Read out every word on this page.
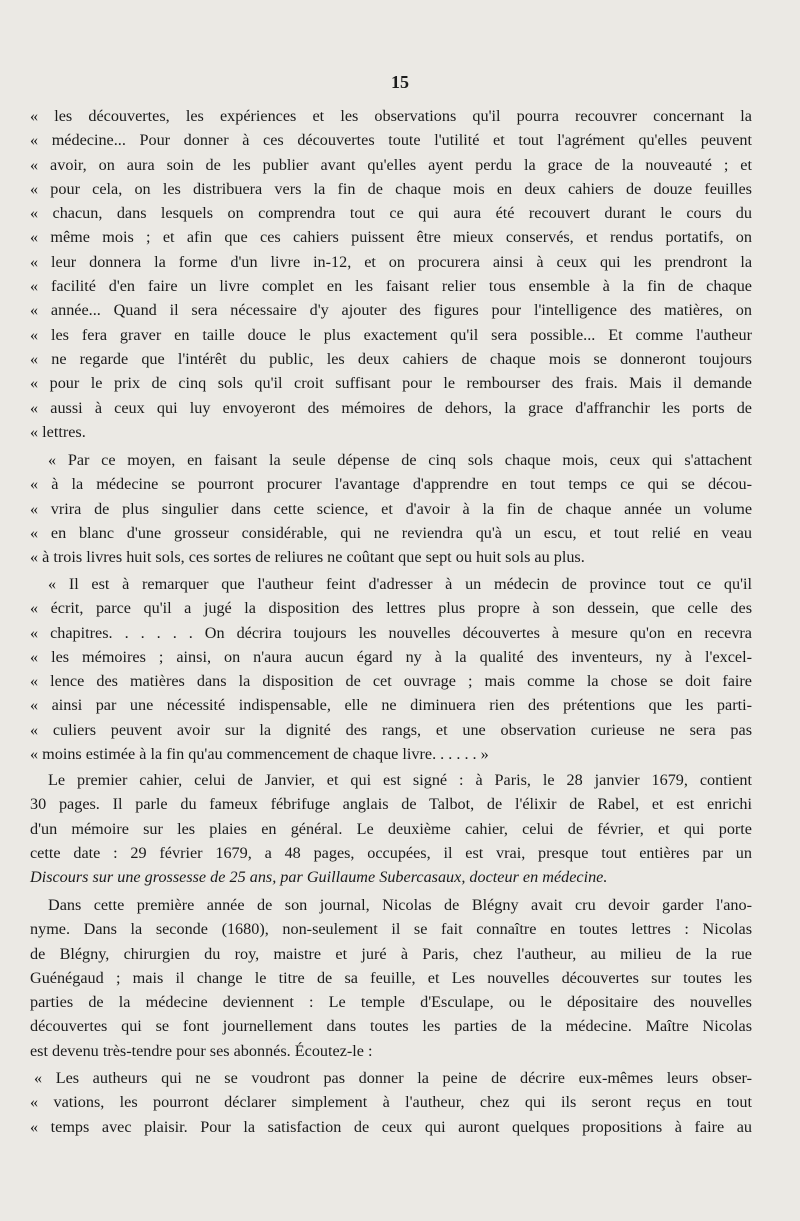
15
« les découvertes, les expériences et les observations qu'il pourra recouvrer concernant la
« médecine... Pour donner à ces découvertes toute l'utilité et tout l'agrément qu'elles peuvent
« avoir, on aura soin de les publier avant qu'elles ayent perdu la grace de la nouveauté ; et
« pour cela, on les distribuera vers la fin de chaque mois en deux cahiers de douze feuilles
« chacun, dans lesquels on comprendra tout ce qui aura été recouvert durant le cours du
« même mois ; et afin que ces cahiers puissent être mieux conservés, et rendus portatifs, on
« leur donnera la forme d'un livre in-12, et on procurera ainsi à ceux qui les prendront la
« facilité d'en faire un livre complet en les faisant relier tous ensemble à la fin de chaque
« année... Quand il sera nécessaire d'y ajouter des figures pour l'intelligence des matières, on
« les fera graver en taille douce le plus exactement qu'il sera possible... Et comme l'autheur
« ne regarde que l'intérêt du public, les deux cahiers de chaque mois se donneront toujours
« pour le prix de cinq sols qu'il croit suffisant pour le rembourser des frais. Mais il demande
« aussi à ceux qui luy envoyeront des mémoires de dehors, la grace d'affranchir les ports de
« lettres.
« Par ce moyen, en faisant la seule dépense de cinq sols chaque mois, ceux qui s'attachent
« à la médecine se pourront procurer l'avantage d'apprendre en tout temps ce qui se décou-
« vrira de plus singulier dans cette science, et d'avoir à la fin de chaque année un volume
« en blanc d'une grosseur considérable, qui ne reviendra qu'à un escu, et tout relié en veau
« à trois livres huit sols, ces sortes de reliures ne coûtant que sept ou huit sols au plus.
« Il est à remarquer que l'autheur feint d'adresser à un médecin de province tout ce qu'il
« écrit, parce qu'il a jugé la disposition des lettres plus propre à son dessein, que celle des
« chapitres. . . . . . On décrira toujours les nouvelles découvertes à mesure qu'on en recevra
« les mémoires ; ainsi, on n'aura aucun égard ny à la qualité des inventeurs, ny à l'excel-
« lence des matières dans la disposition de cet ouvrage ; mais comme la chose se doit faire
« ainsi par une nécessité indispensable, elle ne diminuera rien des prétentions que les parti-
« culiers peuvent avoir sur la dignité des rangs, et une observation curieuse ne sera pas
« moins estimée à la fin qu'au commencement de chaque livre. . . . . . »
Le premier cahier, celui de Janvier, et qui est signé : à Paris, le 28 janvier 1679, contient
30 pages. Il parle du fameux fébrifuge anglais de Talbot, de l'élixir de Rabel, et est enrichi
d'un mémoire sur les plaies en général. Le deuxième cahier, celui de février, et qui porte
cette date : 29 février 1679, a 48 pages, occupées, il est vrai, presque tout entières par un
Discours sur une grossesse de 25 ans, par Guillaume Subercasaux, docteur en médecine.
Dans cette première année de son journal, Nicolas de Blégny avait cru devoir garder l'ano-
nyme. Dans la seconde (1680), non-seulement il se fait connaître en toutes lettres : Nicolas
de Blégny, chirurgien du roy, maistre et juré à Paris, chez l'autheur, au milieu de la rue
Guénégaud ; mais il change le titre de sa feuille, et Les nouvelles découvertes sur toutes les
parties de la médecine deviennent : Le temple d'Esculape, ou le dépositaire des nouvelles
découvertes qui se font journellement dans toutes les parties de la médecine. Maître Nicolas
est devenu très-tendre pour ses abonnés. Écoutez-le :
« Les autheurs qui ne se voudront pas donner la peine de décrire eux-mêmes leurs obser-
« vations, les pourront déclarer simplement à l'autheur, chez qui ils seront reçus en tout
« temps avec plaisir. Pour la satisfaction de ceux qui auront quelques propositions à faire au
